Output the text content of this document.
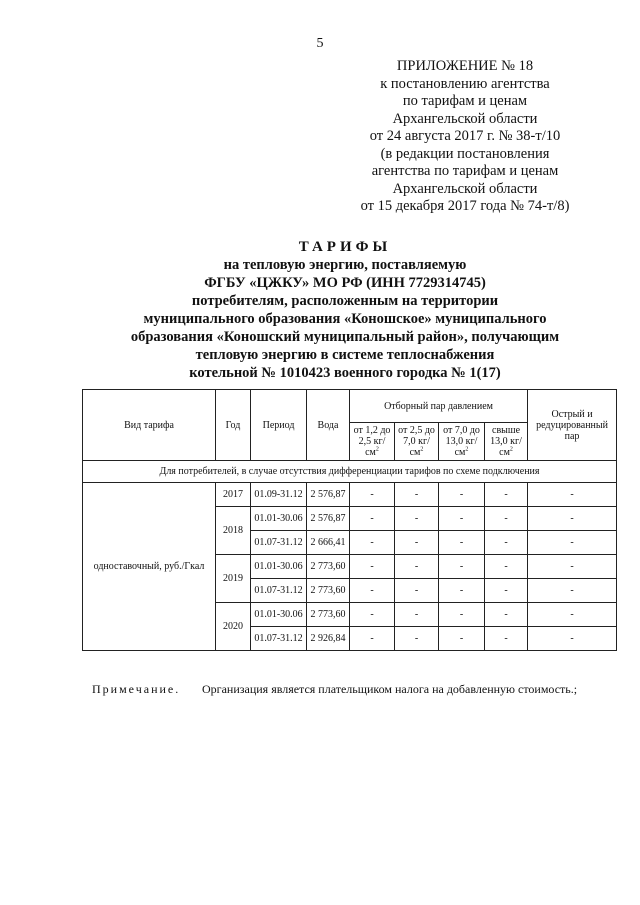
5
ПРИЛОЖЕНИЕ № 18
к постановлению агентства
по тарифам и ценам
Архангельской области
от 24 августа 2017 г. № 38-т/10
(в редакции постановления
агентства по тарифам и ценам
Архангельской области
от 15 декабря 2017 года № 74-т/8)
ТАРИФЫ
на тепловую энергию, поставляемую
ФГБУ «ЦЖКУ» МО РФ (ИНН 7729314745)
потребителям, расположенным на территории
муниципального образования «Коношское» муниципального
образования «Коношский муниципальный район», получающим
тепловую энергию в системе теплоснабжения
котельной № 1010423 военного городка № 1(17)
Вид тарифа	Год	Период	Вода	Отборный пар давлением				Острый и редуцированный пар
				от 1,2 до 2,5 $кг/см^2$	от 2,5 до 7,0 $кг/см^2$	от 7,0 до 13,0 $кг/см^2$	свыше 13,0 $кг/см^2$
Для потребителей, в случае отсутствия дифференциации тарифов по схеме подключения								
одноставочный, руб./Гкал	2017	01.09-31.12	2 576,87	-	-	-	-	-
	2018	01.01-30.06	2 576,87	-	-	-	-	-
		01.07-31.12	2 666,41	-	-	-	-	-
	2019	01.01-30.06	2 773,60	-	-	-	-	-
		01.07-31.12	2 773,60	-	-	-	-	-
	2020	01.01-30.06	2 773,60	-	-	-	-	-
		01.07-31.12	2 926,84	-	-	-	-	-
Примечание. Организация является плательщиком налога на добавленную стоимость.;
